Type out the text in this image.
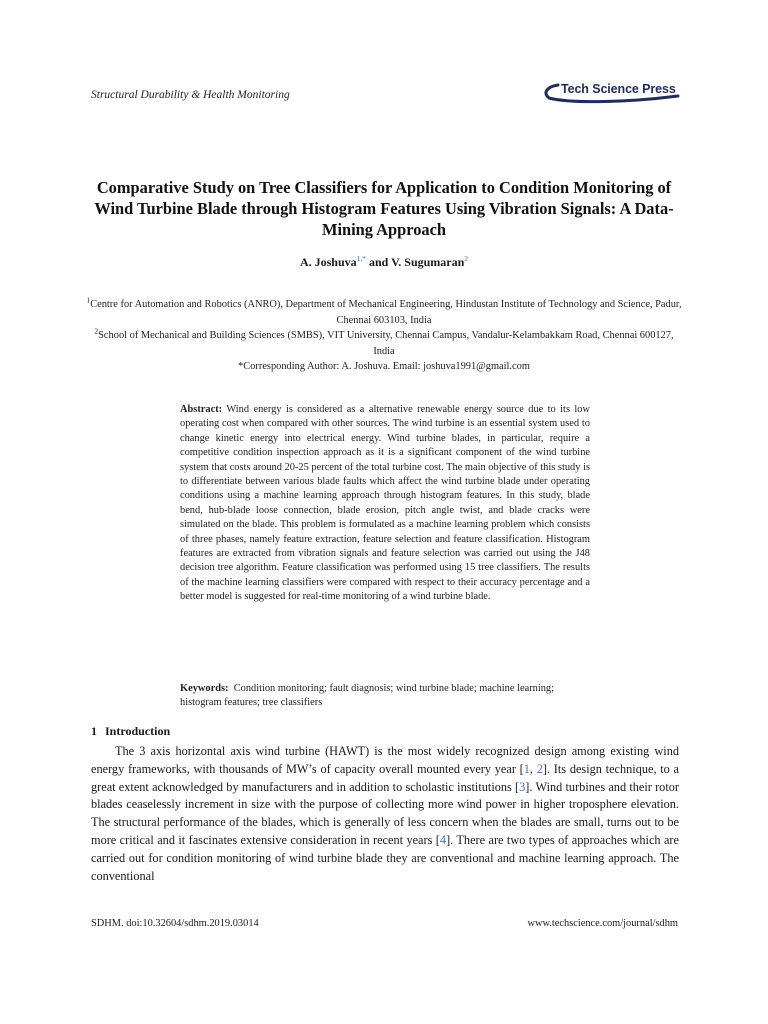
Structural Durability & Health Monitoring	Tech Science Press
Comparative Study on Tree Classifiers for Application to Condition Monitoring of Wind Turbine Blade through Histogram Features Using Vibration Signals: A Data-Mining Approach
A. Joshuva$^{1,*}$ and V. Sugumaran$^2$
$^1$Centre for Automation and Robotics (ANRO), Department of Mechanical Engineering, Hindustan Institute of Technology and Science, Padur, Chennai 603103, India
$^2$School of Mechanical and Building Sciences (SMBS), VIT University, Chennai Campus, Vandalur-Kelambakkam Road, Chennai 600127, India
*Corresponding Author: A. Joshuva. Email: joshuva1991@gmail.com
Abstract: Wind energy is considered as a alternative renewable energy source due to its low operating cost when compared with other sources. The wind turbine is an essential system used to change kinetic energy into electrical energy. Wind turbine blades, in particular, require a competitive condition inspection approach as it is a significant component of the wind turbine system that costs around 20-25 percent of the total turbine cost. The main objective of this study is to differentiate between various blade faults which affect the wind turbine blade under operating conditions using a machine learning approach through histogram features. In this study, blade bend, hub-blade loose connection, blade erosion, pitch angle twist, and blade cracks were simulated on the blade. This problem is formulated as a machine learning problem which consists of three phases, namely feature extraction, feature selection and feature classification. Histogram features are extracted from vibration signals and feature selection was carried out using the J48 decision tree algorithm. Feature classification was performed using 15 tree classifiers. The results of the machine learning classifiers were compared with respect to their accuracy percentage and a better model is suggested for real-time monitoring of a wind turbine blade.
Keywords: Condition monitoring; fault diagnosis; wind turbine blade; machine learning; histogram features; tree classifiers
1 Introduction
The 3 axis horizontal axis wind turbine (HAWT) is the most widely recognized design among existing wind energy frameworks, with thousands of MW’s of capacity overall mounted every year [1, 2]. Its design technique, to a great extent acknowledged by manufacturers and in addition to scholastic institutions [3]. Wind turbines and their rotor blades ceaselessly increment in size with the purpose of collecting more wind power in higher troposphere elevation. The structural performance of the blades, which is generally of less concern when the blades are small, turns out to be more critical and it fascinates extensive consideration in recent years [4]. There are two types of approaches which are carried out for condition monitoring of wind turbine blade they are conventional and machine learning approach. The conventional
SDHM. doi:10.32604/sdhm.2019.03014	www.techscience.com/journal/sdhm
